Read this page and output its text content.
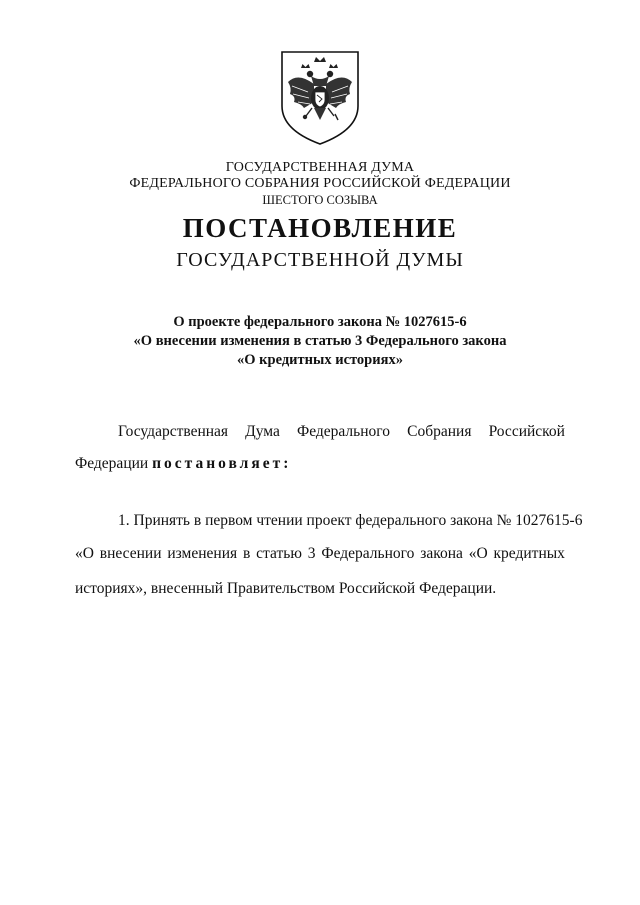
ГОСУДАРСТВЕННАЯ ДУМА
ФЕДЕРАЛЬНОГО СОБРАНИЯ РОССИЙСКОЙ ФЕДЕРАЦИИ
ШЕСТОГО СОЗЫВА
ПОСТАНОВЛЕНИЕ
ГОСУДАРСТВЕННОЙ ДУМЫ
О проекте федерального закона № 1027615-6
«О внесении изменения в статью 3 Федерального закона
«О кредитных историях»
Государственная Дума Федерального Собрания Российской
Федерации постановляет:
1. Принять в первом чтении проект федерального закона № 1027615-6
«О внесении изменения в статью 3 Федерального закона «О кредитных
историях», внесенный Правительством Российской Федерации.
